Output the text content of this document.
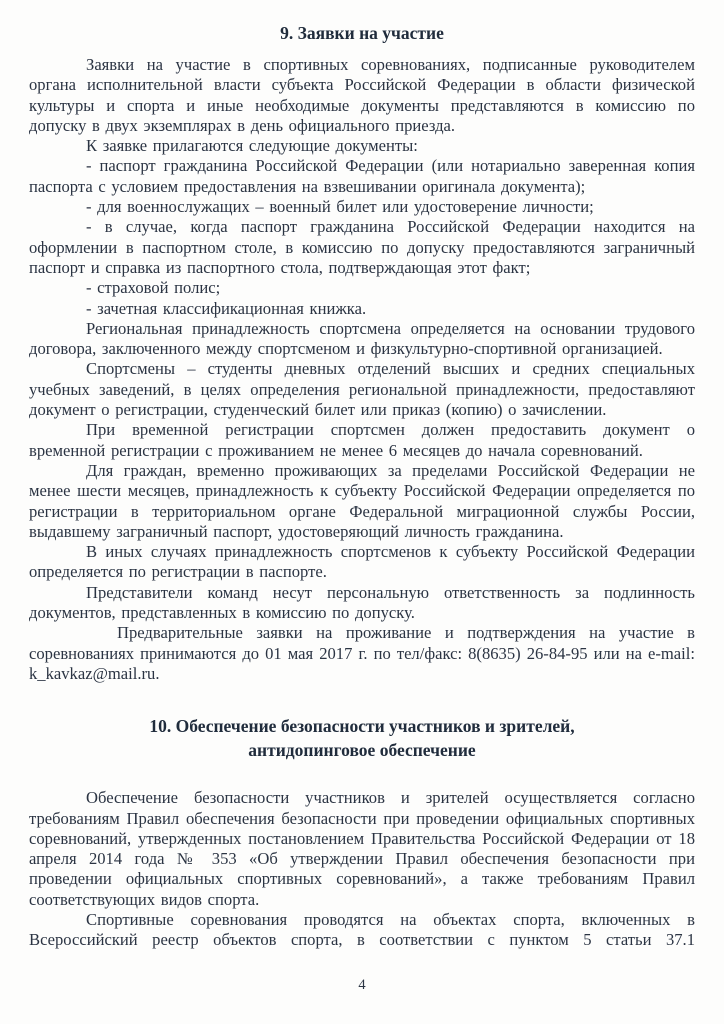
9. Заявки на участие

Заявки на участие в спортивных соревнованиях, подписанные руководителем органа исполнительной власти субъекта Российской Федерации в области физической культуры и спорта и иные необходимые документы представляются в комиссию по допуску в двух экземплярах в день официального приезда.

К заявке прилагаются следующие документы:

- паспорт гражданина Российской Федерации (или нотариально заверенная копия паспорта с условием предоставления на взвешивании оригинала документа);

- для военнослужащих – военный билет или удостоверение личности;

- в случае, когда паспорт гражданина Российской Федерации находится на оформлении в паспортном столе, в комиссию по допуску предоставляются заграничный паспорт и справка из паспортного стола, подтверждающая этот факт;

- страховой полис;

- зачетная классификационная книжка.

Региональная принадлежность спортсмена определяется на основании трудового договора, заключенного между спортсменом и физкультурно-спортивной организацией.

Спортсмены – студенты дневных отделений высших и средних специальных учебных заведений, в целях определения региональной принадлежности, предоставляют документ о регистрации, студенческий билет или приказ (копию) о зачислении.

При временной регистрации спортсмен должен предоставить документ о временной регистрации с проживанием не менее 6 месяцев до начала соревнований.

Для граждан, временно проживающих за пределами Российской Федерации не менее шести месяцев, принадлежность к субъекту Российской Федерации определяется по регистрации в территориальном органе Федеральной миграционной службы России, выдавшему заграничный паспорт, удостоверяющий личность гражданина.

В иных случаях принадлежность спортсменов к субъекту Российской Федерации определяется по регистрации в паспорте.

Представители команд несут персональную ответственность за подлинность документов, представленных в комиссию по допуску.

Предварительные заявки на проживание и подтверждения на участие в соревнованиях принимаются до 01 мая 2017 г. по тел/факс: 8(8635) 26-84-95 или на e-mail: k_kavkaz@mail.ru.

10. Обеспечение безопасности участников и зрителей,
антидопинговое обеспечение

Обеспечение безопасности участников и зрителей осуществляется согласно требованиям Правил обеспечения безопасности при проведении официальных спортивных соревнований, утвержденных постановлением Правительства Российской Федерации от 18 апреля 2014 года № 353 «Об утверждении Правил обеспечения безопасности при проведении официальных спортивных соревнований», а также требованиям Правил соответствующих видов спорта.

Спортивные соревнования проводятся на объектах спорта, включенных в Всероссийский реестр объектов спорта, в соответствии с пунктом 5 статьи 37.1

4
